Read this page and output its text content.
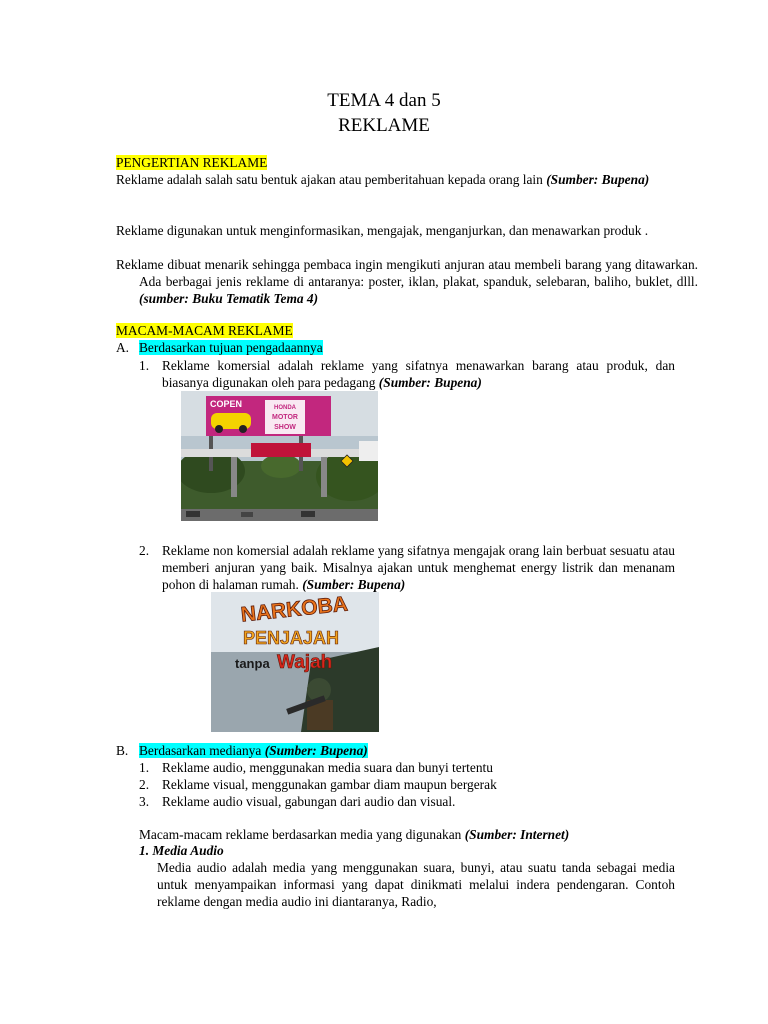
TEMA 4 dan 5
REKLAME
PENGERTIAN REKLAME
Reklame adalah salah satu bentuk ajakan atau pemberitahuan kepada orang lain (Sumber: Bupena)
Reklame digunakan untuk menginformasikan, mengajak, menganjurkan, dan menawarkan produk .
Reklame dibuat menarik sehingga pembaca ingin mengikuti anjuran atau membeli barang yang ditawarkan. Ada berbagai jenis reklame di antaranya: poster, iklan, plakat, spanduk, selebaran, baliho, buklet, dlll. (sumber: Buku Tematik Tema 4)
MACAM-MACAM REKLAME
A. Berdasarkan tujuan pengadaannya
1. Reklame komersial adalah reklame yang sifatnya menawarkan barang atau produk, dan biasanya digunakan oleh para pedagang (Sumber: Bupena)
COPEN	HONDA
MOTOR
SHOW
2. Reklame non komersial adalah reklame yang sifatnya mengajak orang lain berbuat sesuatu atau memberi anjuran yang baik. Misalnya ajakan untuk menghemat energy listrik dan menanam pohon di halaman rumah. (Sumber: Bupena)
NARKOBA
PENJAJAH
tanpa Wajah
B. Berdasarkan medianya (Sumber: Bupena)
1. Reklame audio, menggunakan media suara dan bunyi tertentu
2. Reklame visual, menggunakan gambar diam maupun bergerak
3. Reklame audio visual, gabungan dari audio dan visual.
Macam-macam reklame berdasarkan media yang digunakan (Sumber: Internet)
1. Media Audio
Media audio adalah media yang menggunakan suara, bunyi, atau suatu tanda sebagai media untuk menyampaikan informasi yang dapat dinikmati melalui indera pendengaran. Contoh reklame dengan media audio ini diantaranya, Radio,
